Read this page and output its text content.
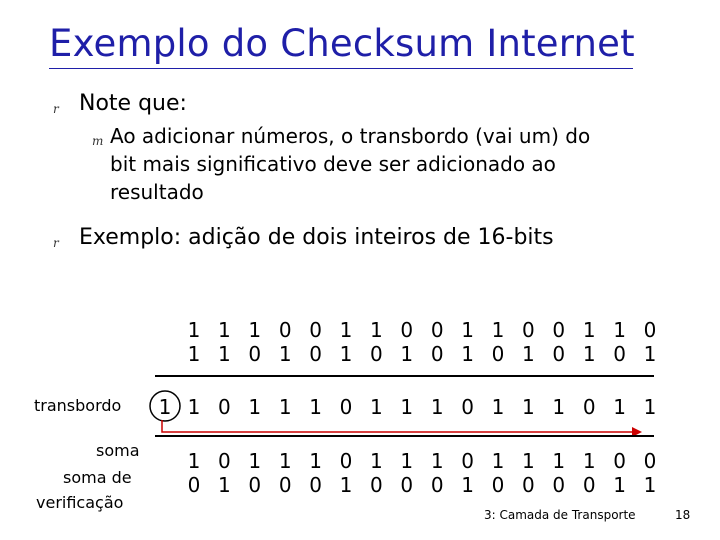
Exemplo do Checksum Internet
r Note que:
m Ao adicionar números, o transbordo (vai um) do
bit mais significativo deve ser adicionado ao
resultado
r Exemplo: adição de dois inteiros de 16-bits
1 1 1 0 0 1 1 0 0 1 1 0 0 1 1 0
1 1 0 1 0 1 0 1 0 1 0 1 0 1 0 1
transbordo 1 1 0 1 1 1 0 1 1 1 0 1 1 1 0 1 1
soma
soma de
verificação
1 0 1 1 1 0 1 1 1 0 1 1 1 1 0 0
0 1 0 0 0 1 0 0 0 1 0 0 0 0 1 1
3: Camada de Transporte	18
